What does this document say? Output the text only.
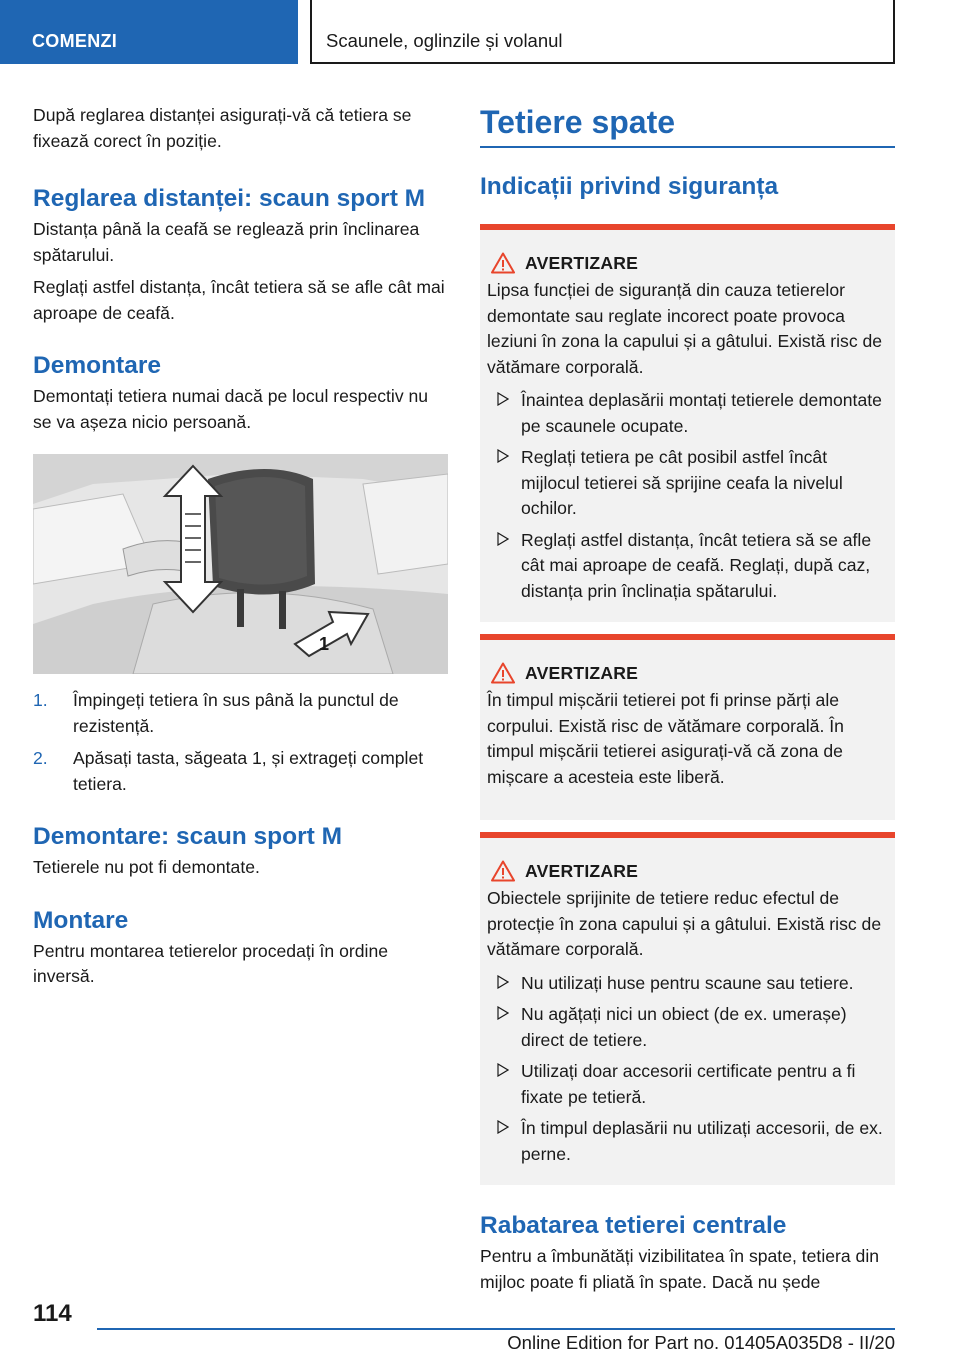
COMENZI	Scaunele, oglinzile și volanul

După reglarea distanței asigurați-vă că tetiera se fixează corect în poziție.

Reglarea distanței: scaun sport M

Distanța până la ceafă se reglează prin înclinarea spătarului.

Reglați astfel distanța, încât tetiera să se afle cât mai aproape de ceafă.

Demontare

Demontați tetiera numai dacă pe locul respectiv nu se va așeza nicio persoană.

1
1. Împingeți tetiera în sus până la punctul de rezistență.
2. Apăsați tasta, săgeata 1, și extrageți complet tetiera.
Demontare: scaun sport M

Tetierele nu pot fi demontate.

Montare

Pentru montarea tetierelor procedați în ordine inversă.

Tetiere spate
Indicații privind siguranța
AVERTIZARE

Lipsa funcției de siguranță din cauza tetierelor demontate sau reglate incorect poate provoca leziuni în zona la capului și a gâtului. Există risc de vătămare corporală.

Înaintea deplasării montați tetierele demontate pe scaunele ocupate.
Reglați tetiera pe cât posibil astfel încât mijlocul tetierei să sprijine ceafa la nivelul ochilor.
Reglați astfel distanța, încât tetiera să se afle cât mai aproape de ceafă. Reglați, după caz, distanța prin înclinația spătarului.
AVERTIZARE

În timpul mișcării tetierei pot fi prinse părți ale corpului. Există risc de vătămare corporală. În timpul mișcării tetierei asigurați-vă că zona de mișcare a acesteia este liberă.

AVERTIZARE

Obiectele sprijinite de tetiere reduc efectul de protecție în zona capului și a gâtului. Există risc de vătămare corporală.

Nu utilizați huse pentru scaune sau tetiere.
Nu agățați nici un obiect (de ex. umerașe) direct de tetiere.
Utilizați doar accesorii certificate pentru a fi fixate pe tetieră.
În timpul deplasării nu utilizați accesorii, de ex. perne.
Rabatarea tetierei centrale

Pentru a îmbunătăți vizibilitatea în spate, tetiera din mijloc poate fi pliată în spate. Dacă nu șede

114
Online Edition for Part no. 01405A035D8 - II/20
